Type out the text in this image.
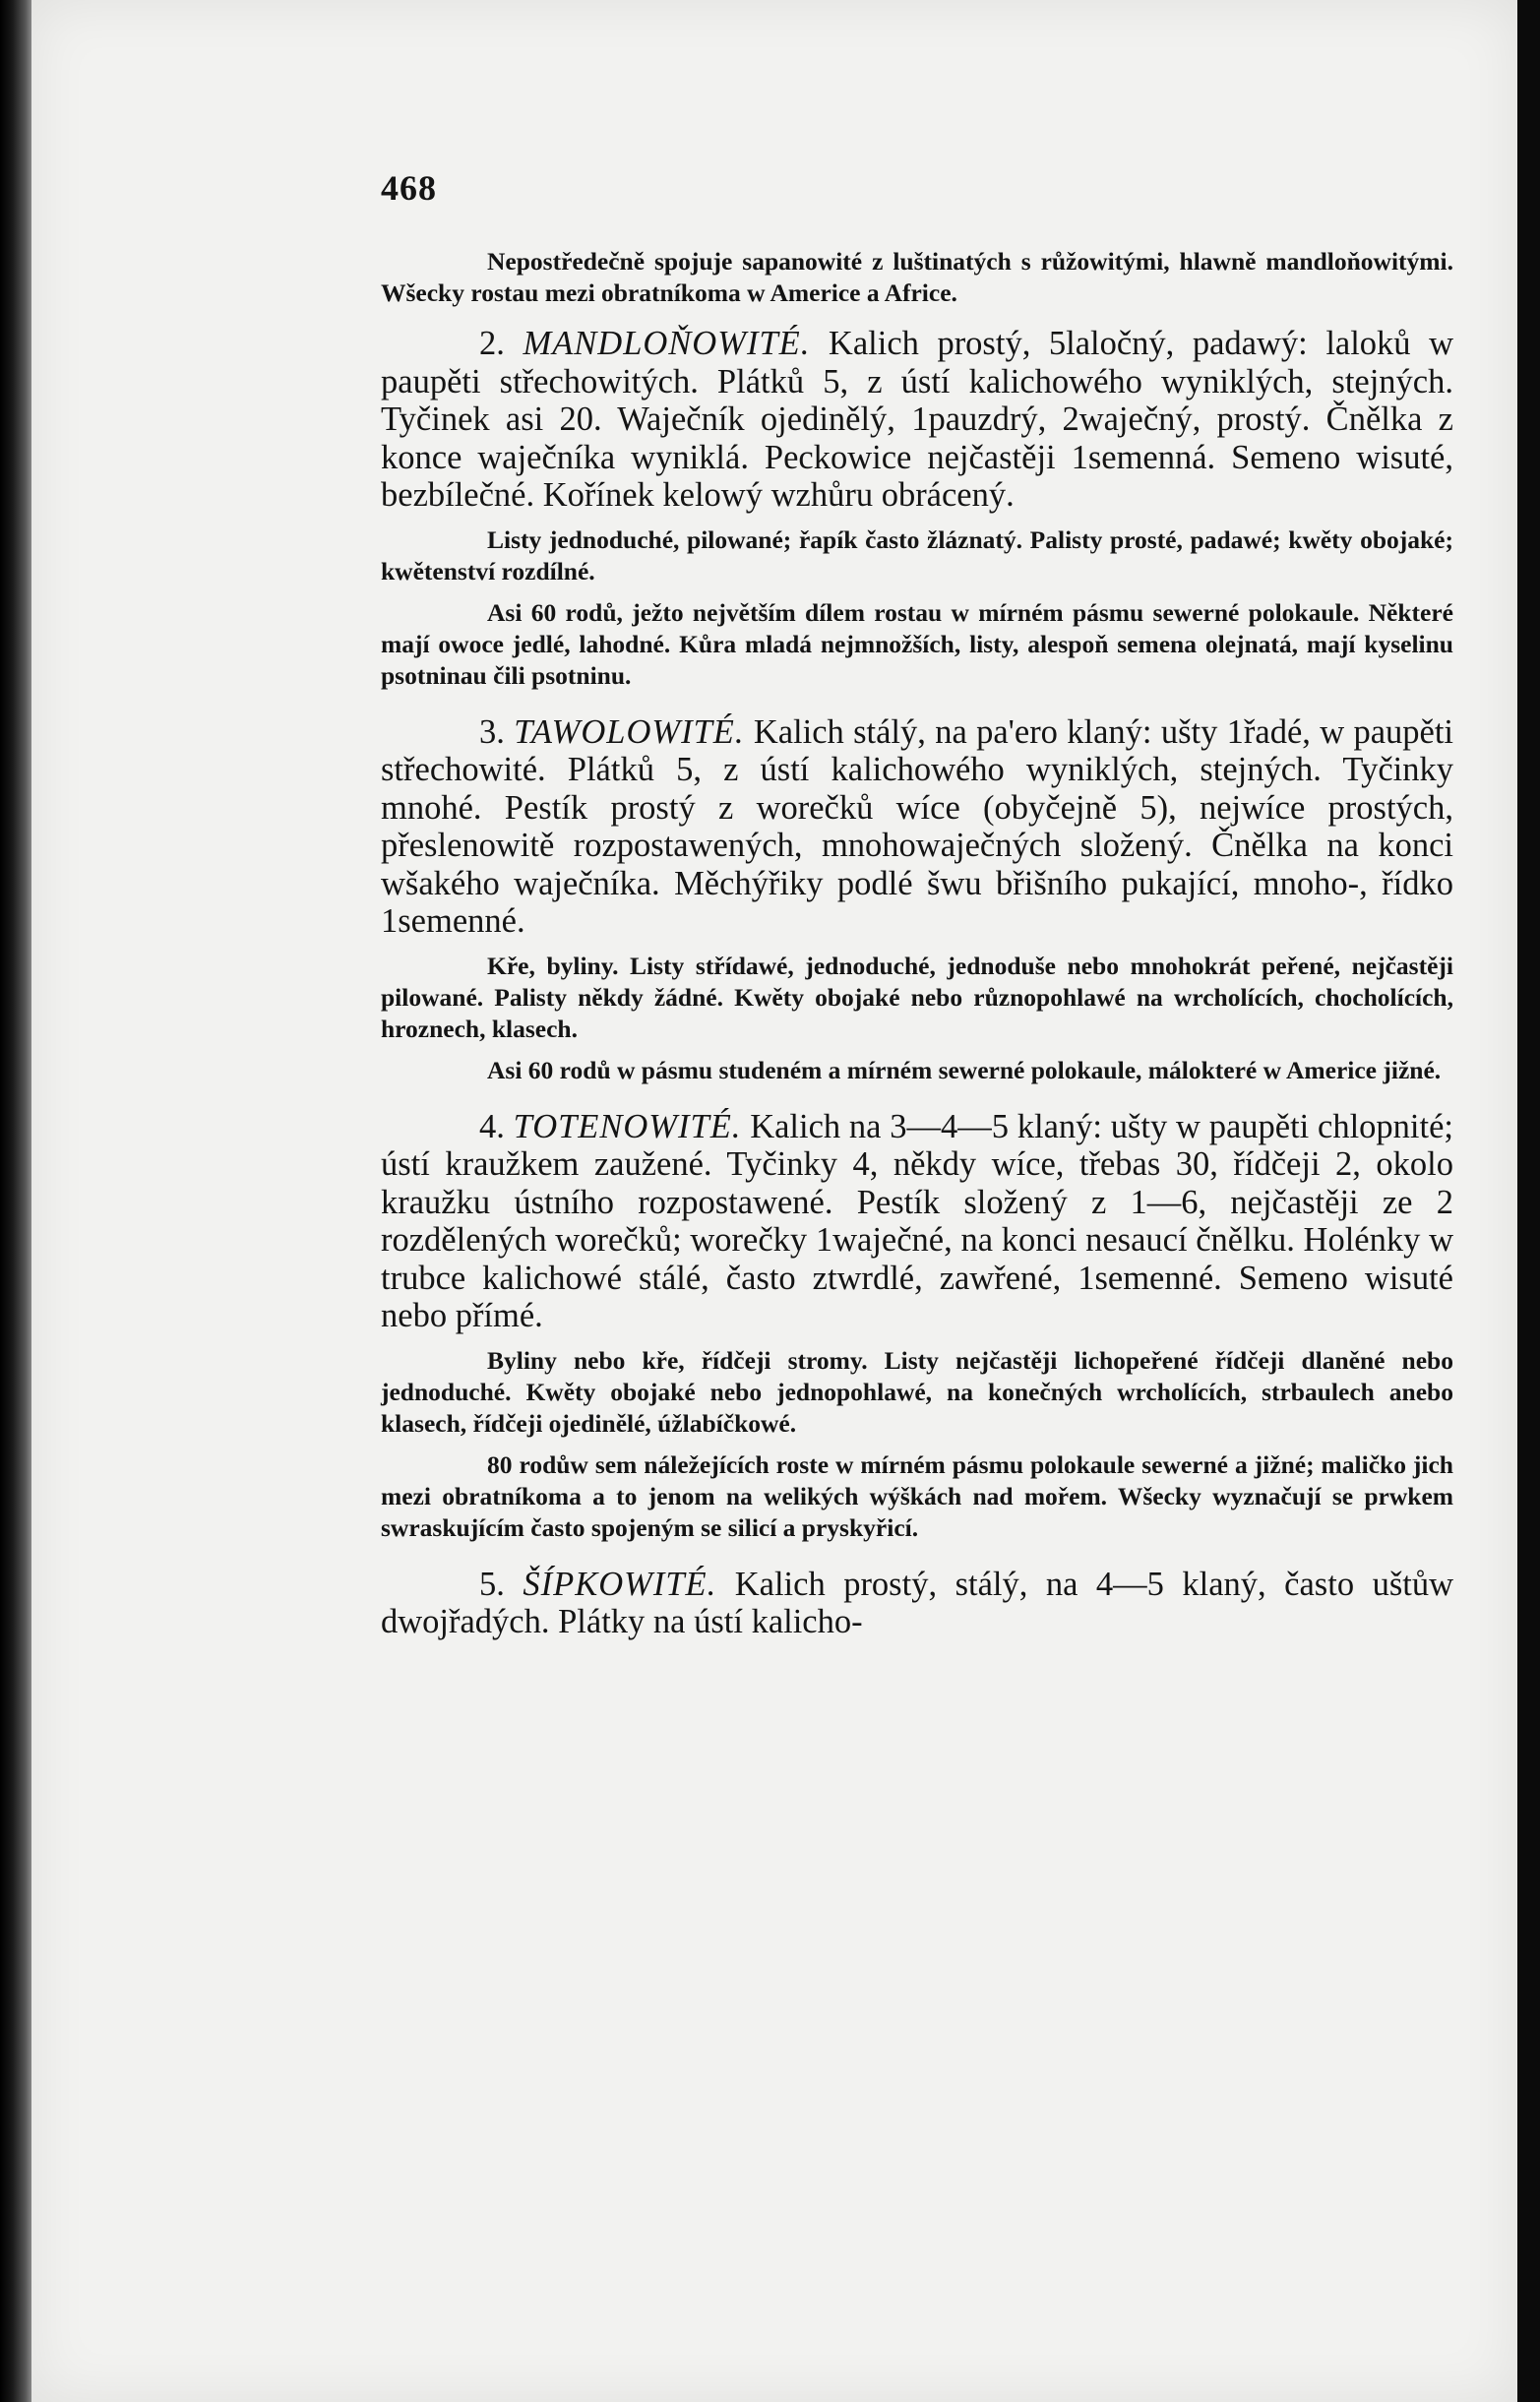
468

Nepostředečně spojuje sapanowité z luštinatých s růžowitými, hlawně mandloňowitými. Wšecky rostau mezi obratníkoma w Americe a Africe.

2. MANDLOŇOWITÉ. Kalich prostý, 5laločný, padawý: laloků w paupěti střechowitých. Plátků 5, z ústí kalichowého wyniklých, stejných. Tyčinek asi 20. Waječník ojedinělý, 1pauzdrý, 2waječný, prostý. Čnělka z konce waječníka wyniklá. Peckowice nejčastěji 1semenná. Semeno wisuté, bezbílečné. Kořínek kelowý wzhůru obrácený.

Listy jednoduché, pilowané; řapík často žláznatý. Palisty prosté, padawé; kwěty obojaké; kwětenství rozdílné.

Asi 60 rodů, ježto největším dílem rostau w mírném pásmu sewerné polokaule. Některé mají owoce jedlé, lahodné. Kůra mladá nejmnožších, listy, alespoň semena olejnatá, mají kyselinu psotninau čili psotninu.

3. TAWOLOWITÉ. Kalich stálý, na pa'ero klaný: ušty 1řadé, w paupěti střechowité. Plátků 5, z ústí kalichowého wyniklých, stejných. Tyčinky mnohé. Pestík prostý z worečků wíce (obyčejně 5), nejwíce prostých, přeslenowitě rozpostawených, mnohowaječných složený. Čnělka na konci wšakého waječníka. Měchýřiky podlé šwu břišního pukající, mnoho-, řídko 1semenné.

Kře, byliny. Listy střídawé, jednoduché, jednoduše nebo mnohokrát peřené, nejčastěji pilowané. Palisty někdy žádné. Kwěty obojaké nebo různopohlawé na wrcholících, chocholících, hroznech, klasech.

Asi 60 rodů w pásmu studeném a mírném sewerné polokaule, málokteré w Americe jižné.

4. TOTENOWITÉ. Kalich na 3—4—5 klaný: ušty w paupěti chlopnité; ústí kraužkem zaužené. Tyčinky 4, někdy wíce, třebas 30, řídčeji 2, okolo kraužku ústního rozpostawené. Pestík složený z 1—6, nejčastěji ze 2 rozdělených worečků; worečky 1waječné, na konci nesaucí čnělku. Holénky w trubce kalichowé stálé, často ztwrdlé, zawřené, 1semenné. Semeno wisuté nebo přímé.

Byliny nebo kře, řídčeji stromy. Listy nejčastěji lichopeřené řídčeji dlaněné nebo jednoduché. Kwěty obojaké nebo jednopohlawé, na konečných wrcholících, strbaulech anebo klasech, řídčeji ojedinělé, úžlabíčkowé.

80 rodůw sem náležejících roste w mírném pásmu polokaule sewerné a jižné; maličko jich mezi obratníkoma a to jenom na welikých wýškách nad mořem. Wšecky wyznačují se prwkem swraskujícím často spojeným se silicí a pryskyřicí.

5. ŠÍPKOWITÉ. Kalich prostý, stálý, na 4—5 klaný, často uštůw dwojřadých. Plátky na ústí kalicho-
